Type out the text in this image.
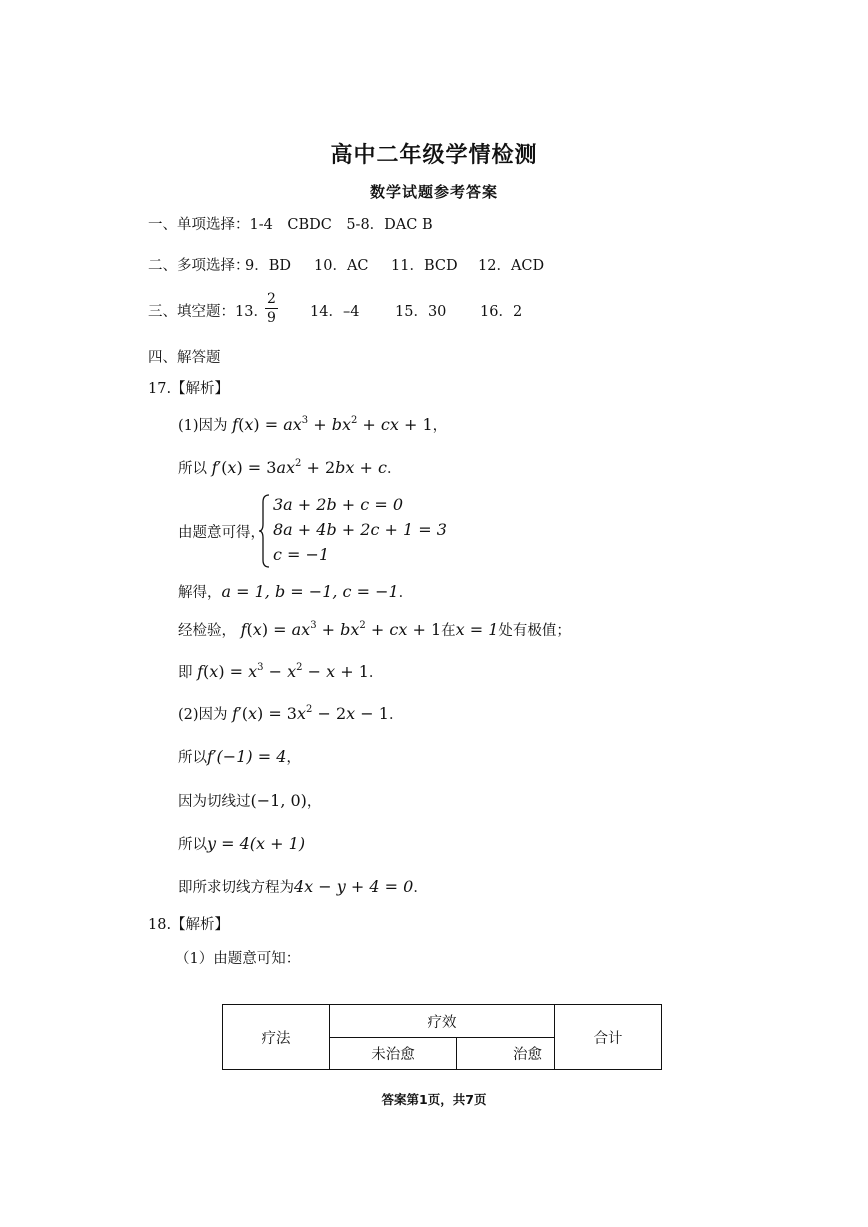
高中二年级学情检测
数学试题参考答案
一、单项选择：1-4　CBDC　5-8．DAC B
二、多项选择：
9．BD 10．AC 11．BCD 12．ACD
三、填空题：13．
$\frac{2}{9} 14$．–4 15．30 16．2
四、解答题
17.【解析】
(1)因为 $f(x) = ax^3 + bx^2$ + cx + 1，
所以 $f'(x) = 3ax^2 + 2bx + c$．
由题意可得，
3a + 2b + c = 0
8a + 4b + 2c + 1 = 3
c = −1
解得，a = 1, b = −1, c = −1．
经检验， $f(x) = ax^3 + bx^2$ + cx + 1在x = 1处有极值；
即 $f(x) = x^3 - x^2 - x + 1$．
(2)因为 $f'(x) = 3x^2 - 2x - 1$．
所以f′(−1) = 4，
因为切线过(−1, 0)，
所以y = 4(x + 1)
即所求切线方程为4x − y + 4 = 0．
18.【解析】
（1）由题意可知：
疗法	疗效		合计
	未治愈	治愈	
答案第1页，共7页
